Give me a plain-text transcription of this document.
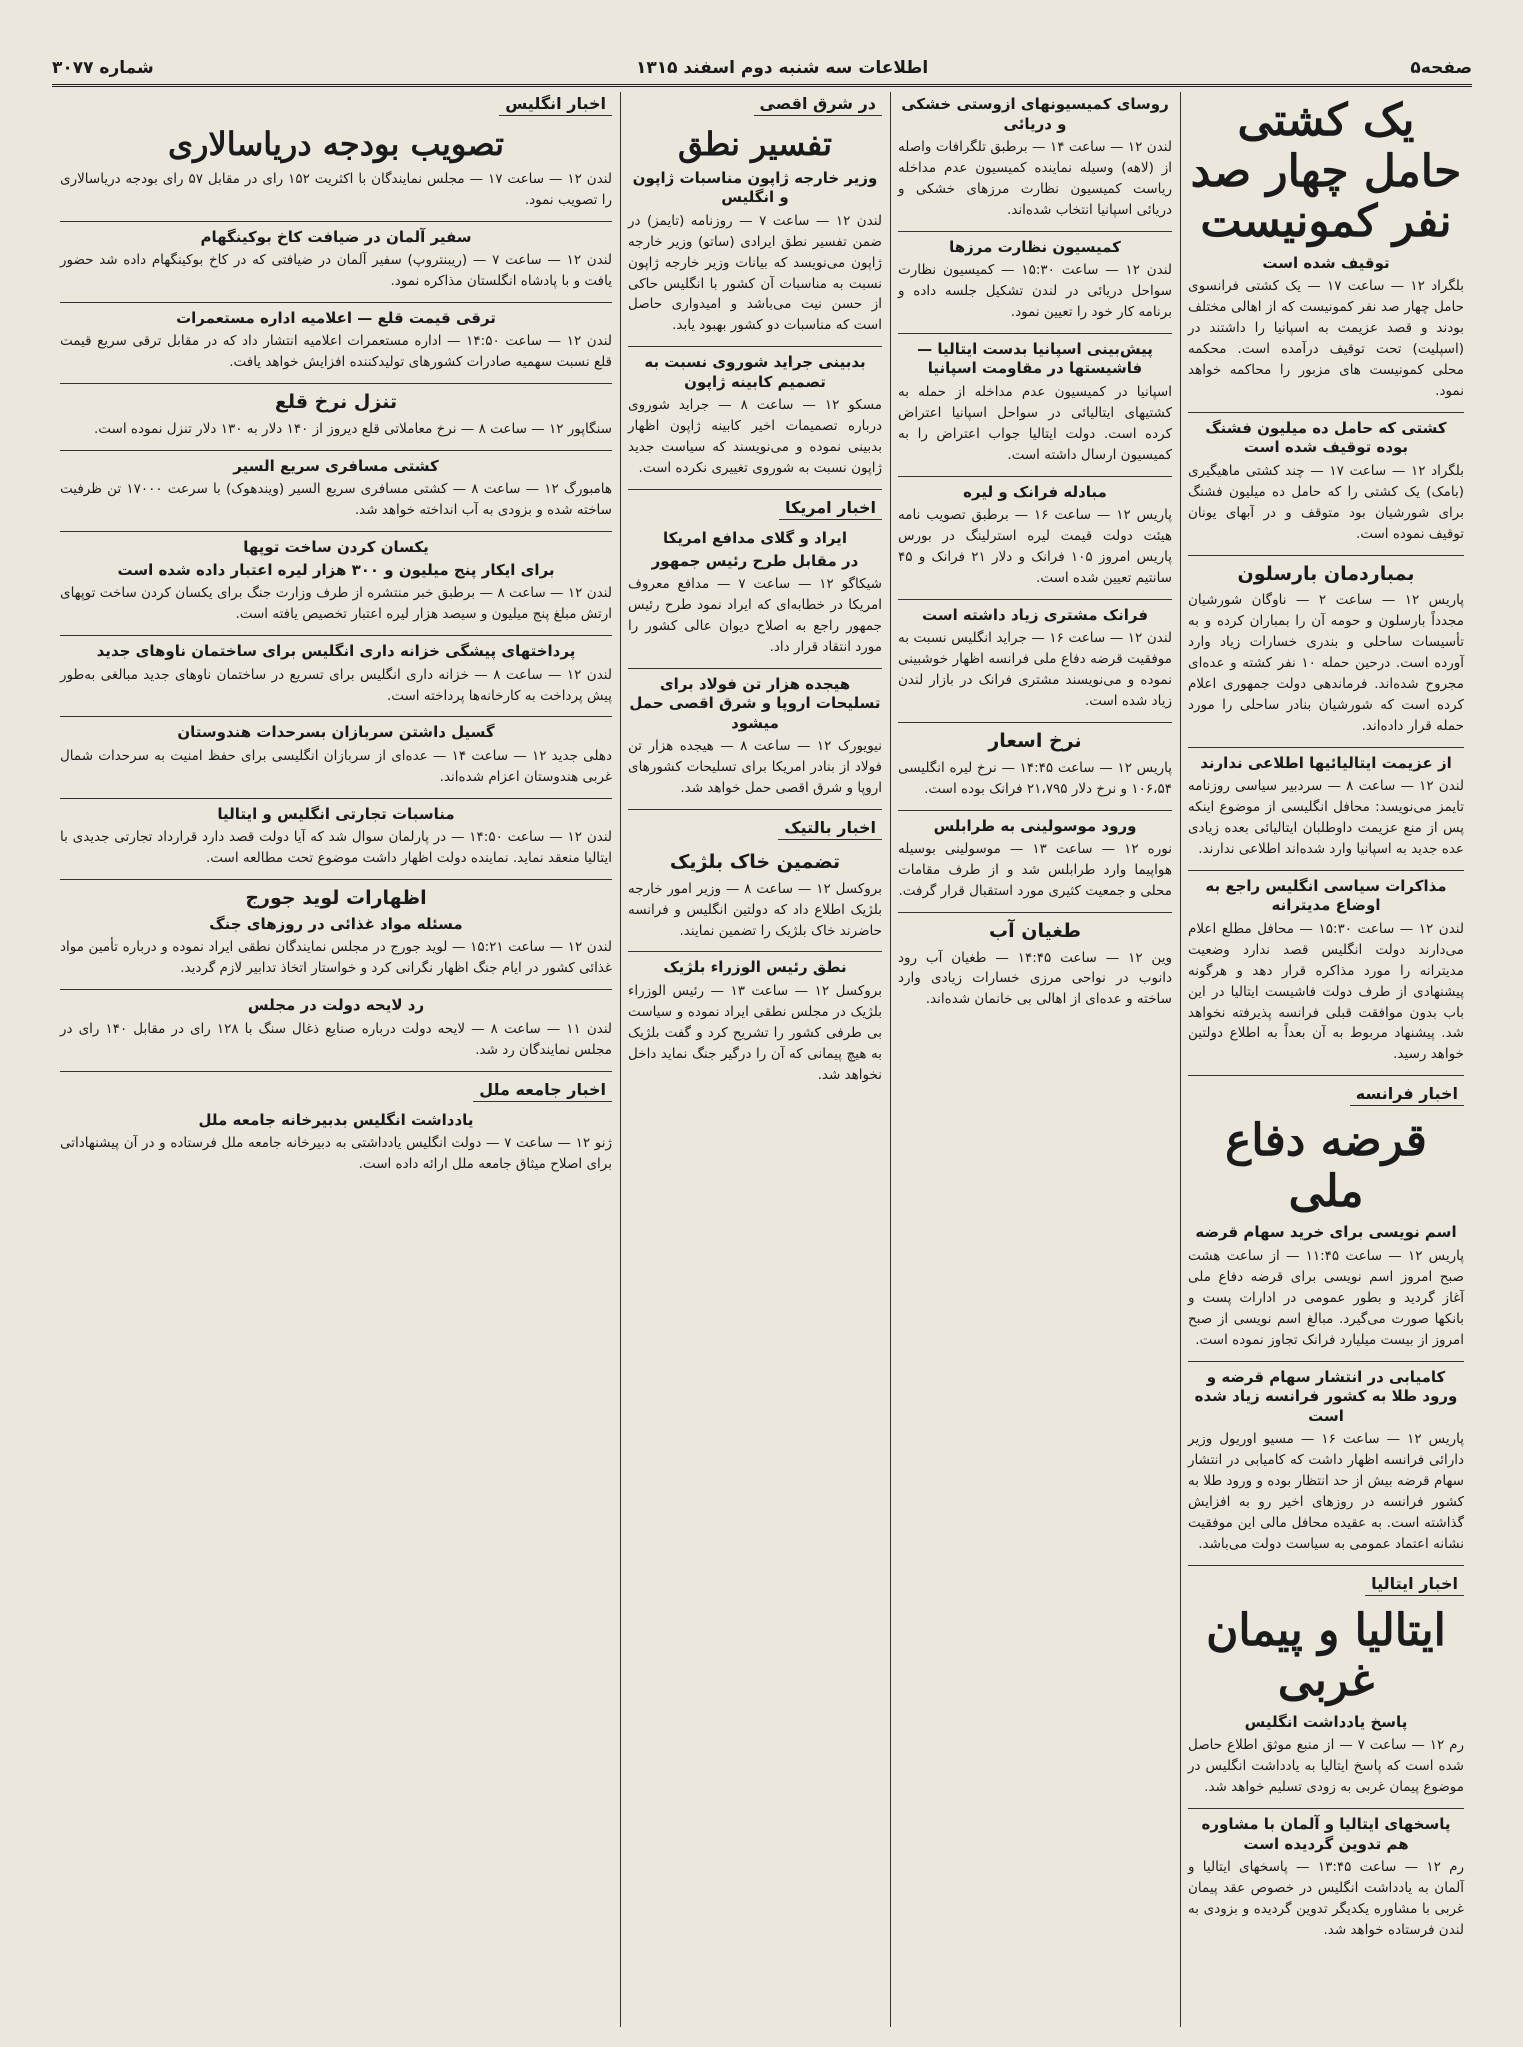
صفحه۵
اطلاعات سه شنبه دوم اسفند ۱۳۱۵
شماره ۳۰۷۷
یک کشتی حامل چهار صد نفر کمونیست
توقیف شده است

بلگراد ۱۲ — ساعت ۱۷ — یک کشتی فرانسوی حامل چهار صد نفر کمونیست که از اهالی مختلف بودند و قصد عزیمت به اسپانیا را داشتند در (اسپلیت) تحت توقیف درآمده است. محکمه محلی کمونیست های مزبور را محاکمه خواهد نمود.

کشتی که حامل ده میلیون فشنگ بوده توقیف شده است

بلگراد ۱۲ — ساعت ۱۷ — چند کشتی ماهیگیری (بامک) یک کشتی را که حامل ده میلیون فشنگ برای شورشیان بود متوقف و در آبهای یونان توقیف نموده است.

بمباردمان بارسلون

پاریس ۱۲ — ساعت ۲ — ناوگان شورشیان مجدداً بارسلون و حومه آن را بمباران کرده و به تأسیسات ساحلی و بندری خسارات زیاد وارد آورده است. درحین حمله ۱۰ نفر کشته و عده‌ای مجروح شده‌اند. فرماندهی دولت جمهوری اعلام کرده است که شورشیان بنادر ساحلی را مورد حمله قرار داده‌اند.

از عزیمت ایتالیائیها اطلاعی ندارند

لندن ۱۲ — ساعت ۸ — سردبیر سیاسی روزنامه تایمز می‌نویسد: محافل انگلیسی از موضوع اینکه پس از منع عزیمت داوطلبان ایتالیائی بعده زیادی عده جدید به اسپانیا وارد شده‌اند اطلاعی ندارند.

مذاکرات سیاسی انگلیس راجع به اوضاع مدیترانه

لندن ۱۲ — ساعت ۱۵:۳۰ — محافل مطلع اعلام می‌دارند دولت انگلیس قصد ندارد وضعیت مدیترانه را مورد مذاکره قرار دهد و هرگونه پیشنهادی از طرف دولت فاشیست ایتالیا در این باب بدون موافقت قبلی فرانسه پذیرفته نخواهد شد. پیشنهاد مربوط به آن بعداً به اطلاع دولتین خواهد رسید.

اخبار فرانسه
قرضه دفاع ملی
اسم نویسی برای خرید سهام قرضه

پاریس ۱۲ — ساعت ۱۱:۴۵ — از ساعت هشت صبح امروز اسم نویسی برای قرضه دفاع ملی آغاز گردید و بطور عمومی در ادارات پست و بانکها صورت می‌گیرد. مبالغ اسم نویسی از صبح امروز از بیست میلیارد فرانک تجاوز نموده است.

کامیابی در انتشار سهام قرضه و ورود طلا به کشور فرانسه زیاد شده است

پاریس ۱۲ — ساعت ۱۶ — مسیو اوریول وزیر دارائی فرانسه اظهار داشت که کامیابی در انتشار سهام قرضه بیش از حد انتظار بوده و ورود طلا به کشور فرانسه در روزهای اخیر رو به افزایش گذاشته است. به عقیده محافل مالی این موفقیت نشانه اعتماد عمومی به سیاست دولت می‌باشد.

اخبار ایتالیا
ایتالیا و پیمان غربی
پاسخ یادداشت انگلیس

رم ۱۲ — ساعت ۷ — از منبع موثق اطلاع حاصل شده است که پاسخ ایتالیا به یادداشت انگلیس در موضوع پیمان غربی به زودی تسلیم خواهد شد.

پاسخهای ایتالیا و آلمان با مشاوره هم تدوین گردیده است

رم ۱۲ — ساعت ۱۳:۴۵ — پاسخهای ایتالیا و آلمان به یادداشت انگلیس در خصوص عقد پیمان غربی با مشاوره یکدیگر تدوین گردیده و بزودی به لندن فرستاده خواهد شد.

روسای کمیسیونهای ازوستی خشکی و دریائی

لندن ۱۲ — ساعت ۱۴ — برطبق تلگرافات واصله از (لاهه) وسیله نماینده کمیسیون عدم مداخله ریاست کمیسیون نظارت مرزهای خشکی و دریائی اسپانیا انتخاب شده‌اند.

کمیسیون نظارت مرزها

لندن ۱۲ — ساعت ۱۵:۳۰ — کمیسیون نظارت سواحل دریائی در لندن تشکیل جلسه داده و برنامه کار خود را تعیین نمود.

پیش‌بینی اسپانیا بدست ایتالیا — فاشیستها در مقاومت اسپانیا

اسپانیا در کمیسیون عدم مداخله از حمله به کشتیهای ایتالیائی در سواحل اسپانیا اعتراض کرده است. دولت ایتالیا جواب اعتراض را به کمیسیون ارسال داشته است.

مبادله فرانک و لیره

پاریس ۱۲ — ساعت ۱۶ — برطبق تصویب نامه هیئت دولت قیمت لیره استرلینگ در بورس پاریس امروز ۱۰۵ فرانک و دلار ۲۱ فرانک و ۴۵ سانتیم تعیین شده است.

فرانک مشتری زیاد داشته است

لندن ۱۲ — ساعت ۱۶ — جراید انگلیس نسبت به موفقیت قرضه دفاع ملی فرانسه اظهار خوشبینی نموده و می‌نویسند مشتری فرانک در بازار لندن زیاد شده است.

نرخ اسعار

پاریس ۱۲ — ساعت ۱۴:۴۵ — نرخ لیره انگلیسی ۱۰۶،۵۴ و نرخ دلار ۲۱،۷۹۵ فرانک بوده است.

ورود موسولینی به طرابلس

نوره ۱۲ — ساعت ۱۳ — موسولینی بوسیله هواپیما وارد طرابلس شد و از طرف مقامات محلی و جمعیت کثیری مورد استقبال قرار گرفت.

طغیان آب

وین ۱۲ — ساعت ۱۴:۴۵ — طغیان آب رود دانوب در نواحی مرزی خسارات زیادی وارد ساخته و عده‌ای از اهالی بی خانمان شده‌اند.

در شرق اقصی
تفسیر نطق
وزیر خارجه ژاپون مناسبات ژاپون و انگلیس

لندن ۱۲ — ساعت ۷ — روزنامه (تایمز) در ضمن تفسیر نطق ایرادی (ساتو) وزیر خارجه ژاپون می‌نویسد که بیانات وزیر خارجه ژاپون نسبت به مناسبات آن کشور با انگلیس حاکی از حسن نیت می‌باشد و امیدواری حاصل است که مناسبات دو کشور بهبود یابد.

بدبینی جراید شوروی نسبت به تصمیم کابینه ژاپون

مسکو ۱۲ — ساعت ۸ — جراید شوروی درباره تصمیمات اخیر کابینه ژاپون اظهار بدبینی نموده و می‌نویسند که سیاست جدید ژاپون نسبت به شوروی تغییری نکرده است.

اخبار امریکا
ایراد و گلای مدافع امریکا
در مقابل طرح رئیس جمهور

شیکاگو ۱۲ — ساعت ۷ — مدافع معروف امریکا در خطابه‌ای که ایراد نمود طرح رئیس جمهور راجع به اصلاح دیوان عالی کشور را مورد انتقاد قرار داد.

هیجده هزار تن فولاد برای تسلیحات اروپا و شرق اقصی حمل میشود

نیویورک ۱۲ — ساعت ۸ — هیجده هزار تن فولاد از بنادر امریکا برای تسلیحات کشورهای اروپا و شرق اقصی حمل خواهد شد.

اخبار بالتیک
تضمین خاک بلژیک

بروکسل ۱۲ — ساعت ۸ — وزیر امور خارجه بلژیک اطلاع داد که دولتین انگلیس و فرانسه حاضرند خاک بلژیک را تضمین نمایند.

نطق رئیس الوزراء بلژیک

بروکسل ۱۲ — ساعت ۱۳ — رئیس الوزراء بلژیک در مجلس نطقی ایراد نموده و سیاست بی طرفی کشور را تشریح کرد و گفت بلژیک به هیچ پیمانی که آن را درگیر جنگ نماید داخل نخواهد شد.

اخبار انگلیس
تصویب بودجه دریاسالاری

لندن ۱۲ — ساعت ۱۷ — مجلس نمایندگان با اکثریت ۱۵۲ رای در مقابل ۵۷ رای بودجه دریاسالاری را تصویب نمود.

سفیر آلمان در ضیافت کاخ بوکینگهام

لندن ۱۲ — ساعت ۷ — (ریبنتروپ) سفیر آلمان در ضیافتی که در کاخ بوکینگهام داده شد حضور یافت و با پادشاه انگلستان مذاکره نمود.

ترقی قیمت قلع — اعلامیه اداره مستعمرات

لندن ۱۲ — ساعت ۱۴:۵۰ — اداره مستعمرات اعلامیه انتشار داد که در مقابل ترقی سریع قیمت قلع نسبت سهمیه صادرات کشورهای تولیدکننده افزایش خواهد یافت.

تنزل نرخ قلع

سنگاپور ۱۲ — ساعت ۸ — نرخ معاملاتی قلع دیروز از ۱۴۰ دلار به ۱۳۰ دلار تنزل نموده است.

کشتی مسافری سریع السیر

هامبورگ ۱۲ — ساعت ۸ — کشتی مسافری سریع السیر (ویندهوک) با سرعت ۱۷۰۰۰ تن ظرفیت ساخته شده و بزودی به آب انداخته خواهد شد.

یکسان کردن ساخت توپها
برای ایکار پنج میلیون و ۳۰۰ هزار لیره اعتبار داده شده است

لندن ۱۲ — ساعت ۸ — برطبق خبر منتشره از طرف وزارت جنگ برای یکسان کردن ساخت توپهای ارتش مبلغ پنج میلیون و سیصد هزار لیره اعتبار تخصیص یافته است.

پرداختهای پیشگی خزانه داری انگلیس برای ساختمان ناوهای جدید

لندن ۱۲ — ساعت ۸ — خزانه داری انگلیس برای تسریع در ساختمان ناوهای جدید مبالغی به‌طور پیش پرداخت به کارخانه‌ها پرداخته است.

گسیل داشتن سربازان بسرحدات هندوستان

دهلی جدید ۱۲ — ساعت ۱۴ — عده‌ای از سربازان انگلیسی برای حفظ امنیت به سرحدات شمال غربی هندوستان اعزام شده‌اند.

مناسبات تجارتی انگلیس و ایتالیا

لندن ۱۲ — ساعت ۱۴:۵۰ — در پارلمان سوال شد که آیا دولت قصد دارد قرارداد تجارتی جدیدی با ایتالیا منعقد نماید. نماینده دولت اظهار داشت موضوع تحت مطالعه است.

اظهارات لوید جورج
مسئله مواد غذائی در روزهای جنگ

لندن ۱۲ — ساعت ۱۵:۲۱ — لوید جورج در مجلس نمایندگان نطقی ایراد نموده و درباره تأمین مواد غذائی کشور در ایام جنگ اظهار نگرانی کرد و خواستار اتخاذ تدابیر لازم گردید.

رد لایحه دولت در مجلس

لندن ۱۱ — ساعت ۸ — لایحه دولت درباره صنایع ذغال سنگ با ۱۲۸ رای در مقابل ۱۴۰ رای در مجلس نمایندگان رد شد.

اخبار جامعه ملل
یادداشت انگلیس بدبیرخانه جامعه ملل

ژنو ۱۲ — ساعت ۷ — دولت انگلیس یادداشتی به دبیرخانه جامعه ملل فرستاده و در آن پیشنهاداتی برای اصلاح میثاق جامعه ملل ارائه داده است.
